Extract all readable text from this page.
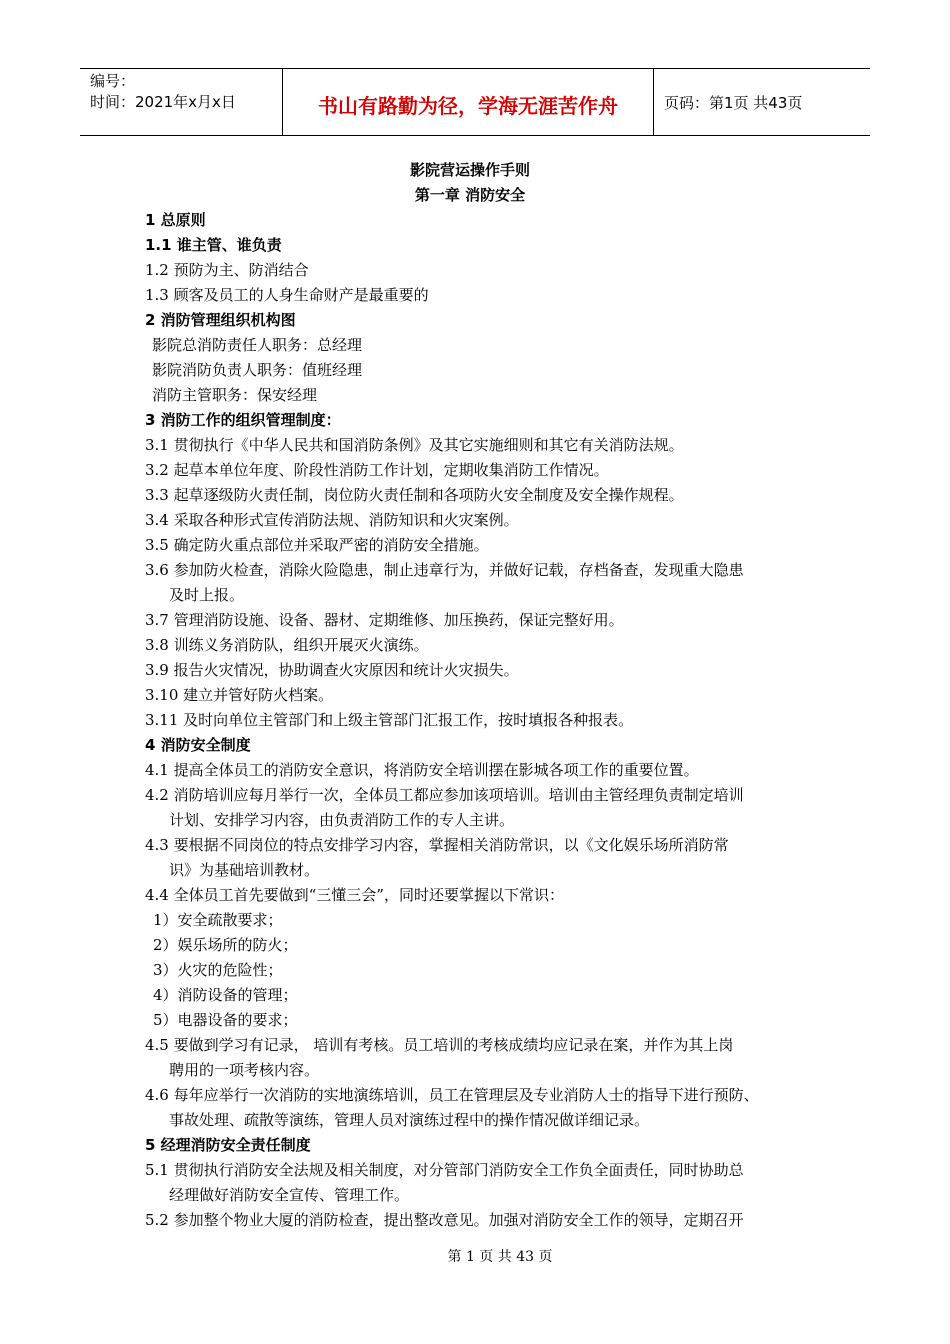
编号：
时间：2021年x月x日	书山有路勤为径，学海无涯苦作舟	页码：第1页 共43页
影院营运操作手则
第一章 消防安全
1 总原则
1.1 谁主管、谁负责
1.2 预防为主、防消结合
1.3 顾客及员工的人身生命财产是最重要的
2 消防管理组织机构图
影院总消防责任人职务：总经理
影院消防负责人职务：值班经理
消防主管职务：保安经理
3 消防工作的组织管理制度：
3.1 贯彻执行《中华人民共和国消防条例》及其它实施细则和其它有关消防法规。
3.2 起草本单位年度、阶段性消防工作计划，定期收集消防工作情况。
3.3 起草逐级防火责任制，岗位防火责任制和各项防火安全制度及安全操作规程。
3.4 采取各种形式宣传消防法规、消防知识和火灾案例。
3.5 确定防火重点部位并采取严密的消防安全措施。
3.6 参加防火检查，消除火险隐患，制止违章行为，并做好记载，存档备查，发现重大隐患
及时上报。
3.7 管理消防设施、设备、器材、定期维修、加压换药，保证完整好用。
3.8 训练义务消防队，组织开展灭火演练。
3.9 报告火灾情况，协助调查火灾原因和统计火灾损失。
3.10 建立并管好防火档案。
3.11 及时向单位主管部门和上级主管部门汇报工作，按时填报各种报表。
4 消防安全制度
4.1 提高全体员工的消防安全意识，将消防安全培训摆在影城各项工作的重要位置。
4.2 消防培训应每月举行一次，全体员工都应参加该项培训。培训由主管经理负责制定培训
计划、安排学习内容，由负责消防工作的专人主讲。
4.3 要根据不同岗位的特点安排学习内容，掌握相关消防常识，以《文化娱乐场所消防常
识》为基础培训教材。
4.4 全体员工首先要做到“三懂三会”，同时还要掌握以下常识：
1）安全疏散要求；
2）娱乐场所的防火；
3）火灾的危险性；
4）消防设备的管理；
5）电器设备的要求；
4.5 要做到学习有记录， 培训有考核。员工培训的考核成绩均应记录在案，并作为其上岗
聘用的一项考核内容。
4.6 每年应举行一次消防的实地演练培训，员工在管理层及专业消防人士的指导下进行预防、
事故处理、疏散等演练，管理人员对演练过程中的操作情况做详细记录。
5 经理消防安全责任制度
5.1 贯彻执行消防安全法规及相关制度，对分管部门消防安全工作负全面责任，同时协助总
经理做好消防安全宣传、管理工作。
5.2 参加整个物业大厦的消防检查，提出整改意见。加强对消防安全工作的领导，定期召开
第 1 页 共 43 页
